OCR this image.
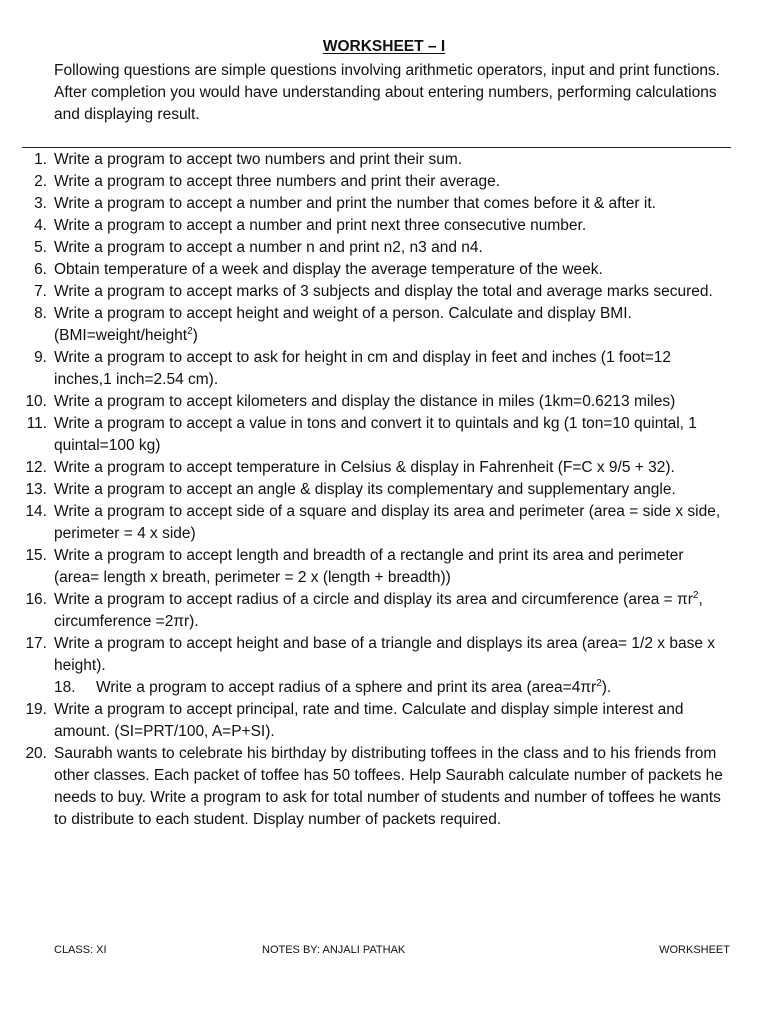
WORKSHEET – I

Following questions are simple questions involving arithmetic operators, input and print functions.

After completion you would have understanding about entering numbers, performing calculations and displaying result.

1. Write a program to accept two numbers and print their sum.
2. Write a program to accept three numbers and print their average.
3. Write a program to accept a number and print the number that comes before it & after it.
4. Write a program to accept a number and print next three consecutive number.
5. Write a program to accept a number n and print n2, n3 and n4.
6. Obtain temperature of a week and display the average temperature of the week.
7. Write a program to accept marks of 3 subjects and display the total and average marks secured.
8. Write a program to accept height and weight of a person. Calculate and display BMI.
(BMI=weight/height$^2$)
9. Write a program to accept to ask for height in cm and display in feet and inches (1 foot=12 inches,1 inch=2.54 cm).
10. Write a program to accept kilometers and display the distance in miles (1km=0.6213 miles)
11. Write a program to accept a value in tons and convert it to quintals and kg (1 ton=10 quintal, 1 quintal=100 kg)
12. Write a program to accept temperature in Celsius & display in Fahrenheit (F=C x 9/5 + 32).
13. Write a program to accept an angle & display its complementary and supplementary angle.
14. Write a program to accept side of a square and display its area and perimeter (area = side x side, perimeter = 4 x side)
15. Write a program to accept length and breadth of a rectangle and print its area and perimeter (area= length x breath, perimeter = 2 x (length + breadth))
16. Write a program to accept radius of a circle and display its area and circumference (area = $\pi r^2$, circumference =2πr).
17. Write a program to accept height and base of a triangle and displays its area (area= 1/2 x base x height).
18. Write a program to accept radius of a sphere and print its area $(area=4\pi r^2)$.
19. Write a program to accept principal, rate and time. Calculate and display simple interest and amount. (SI=PRT/100, A=P+SI).
20. Saurabh wants to celebrate his birthday by distributing toffees in the class and to his friends from other classes. Each packet of toffee has 50 toffees. Help Saurabh calculate number of packets he needs to buy. Write a program to ask for total number of students and number of toffees he wants to distribute to each student. Display number of packets required.
CLASS: XI	NOTES BY: ANJALI PATHAK	WORKSHEET
